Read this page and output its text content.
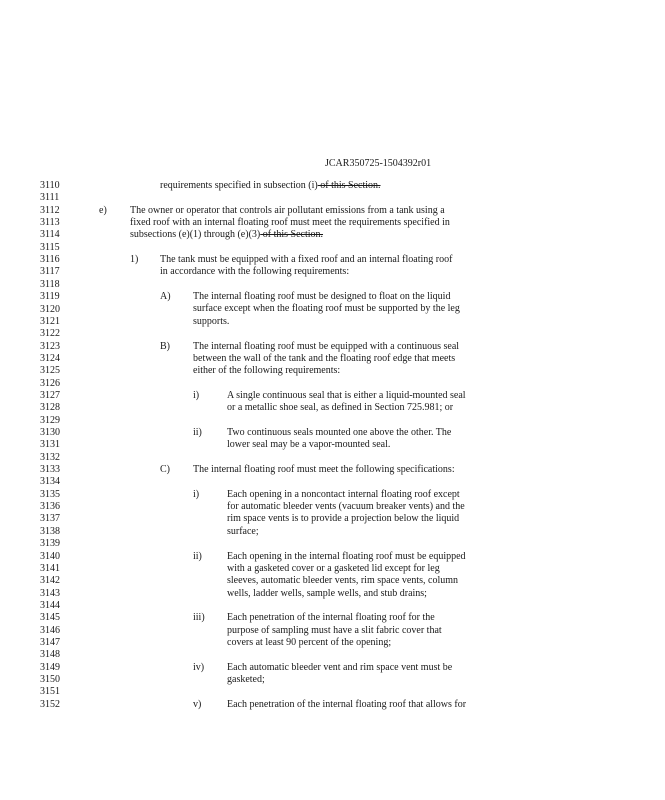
JCAR350725-1504392r01
3110
3111
3112
3113
3114
3115
3116
3117
3118
3119
3120
3121
3122
3123
3124
3125
3126
3127
3128
3129
3130
3131
3132
3133
3134
3135
3136
3137
3138
3139
3140
3141
3142
3143
3144
3145
3146
3147
3148
3149
3150
3151
3152
requirements specified in subsection (i) of this Section.
e) The owner or operator that controls air pollutant emissions from a tank using a
fixed roof with an internal floating roof must meet the requirements specified in
subsections (e)(1) through (e)(3) of this Section.
1) The tank must be equipped with a fixed roof and an internal floating roof
in accordance with the following requirements:
A) The internal floating roof must be designed to float on the liquid
surface except when the floating roof must be supported by the leg
supports.
B) The internal floating roof must be equipped with a continuous seal
between the wall of the tank and the floating roof edge that meets
either of the following requirements:
i)	A single continuous seal that is either a liquid-mounted seal
or a metallic shoe seal, as defined in Section 725.981; or
ii)	Two continuous seals mounted one above the other. The
lower seal may be a vapor-mounted seal.
C) The internal floating roof must meet the following specifications:
i)	Each opening in a noncontact internal floating roof except
for automatic bleeder vents (vacuum breaker vents) and the
rim space vents is to provide a projection below the liquid
surface;
ii)	Each opening in the internal floating roof must be equipped
with a gasketed cover or a gasketed lid except for leg
sleeves, automatic bleeder vents, rim space vents, column
wells, ladder wells, sample wells, and stub drains;
iii) Each penetration of the internal floating roof for the
purpose of sampling must have a slit fabric cover that
covers at least 90 percent of the opening;
iv) Each automatic bleeder vent and rim space vent must be
gasketed;
v)	Each penetration of the internal floating roof that allows for
